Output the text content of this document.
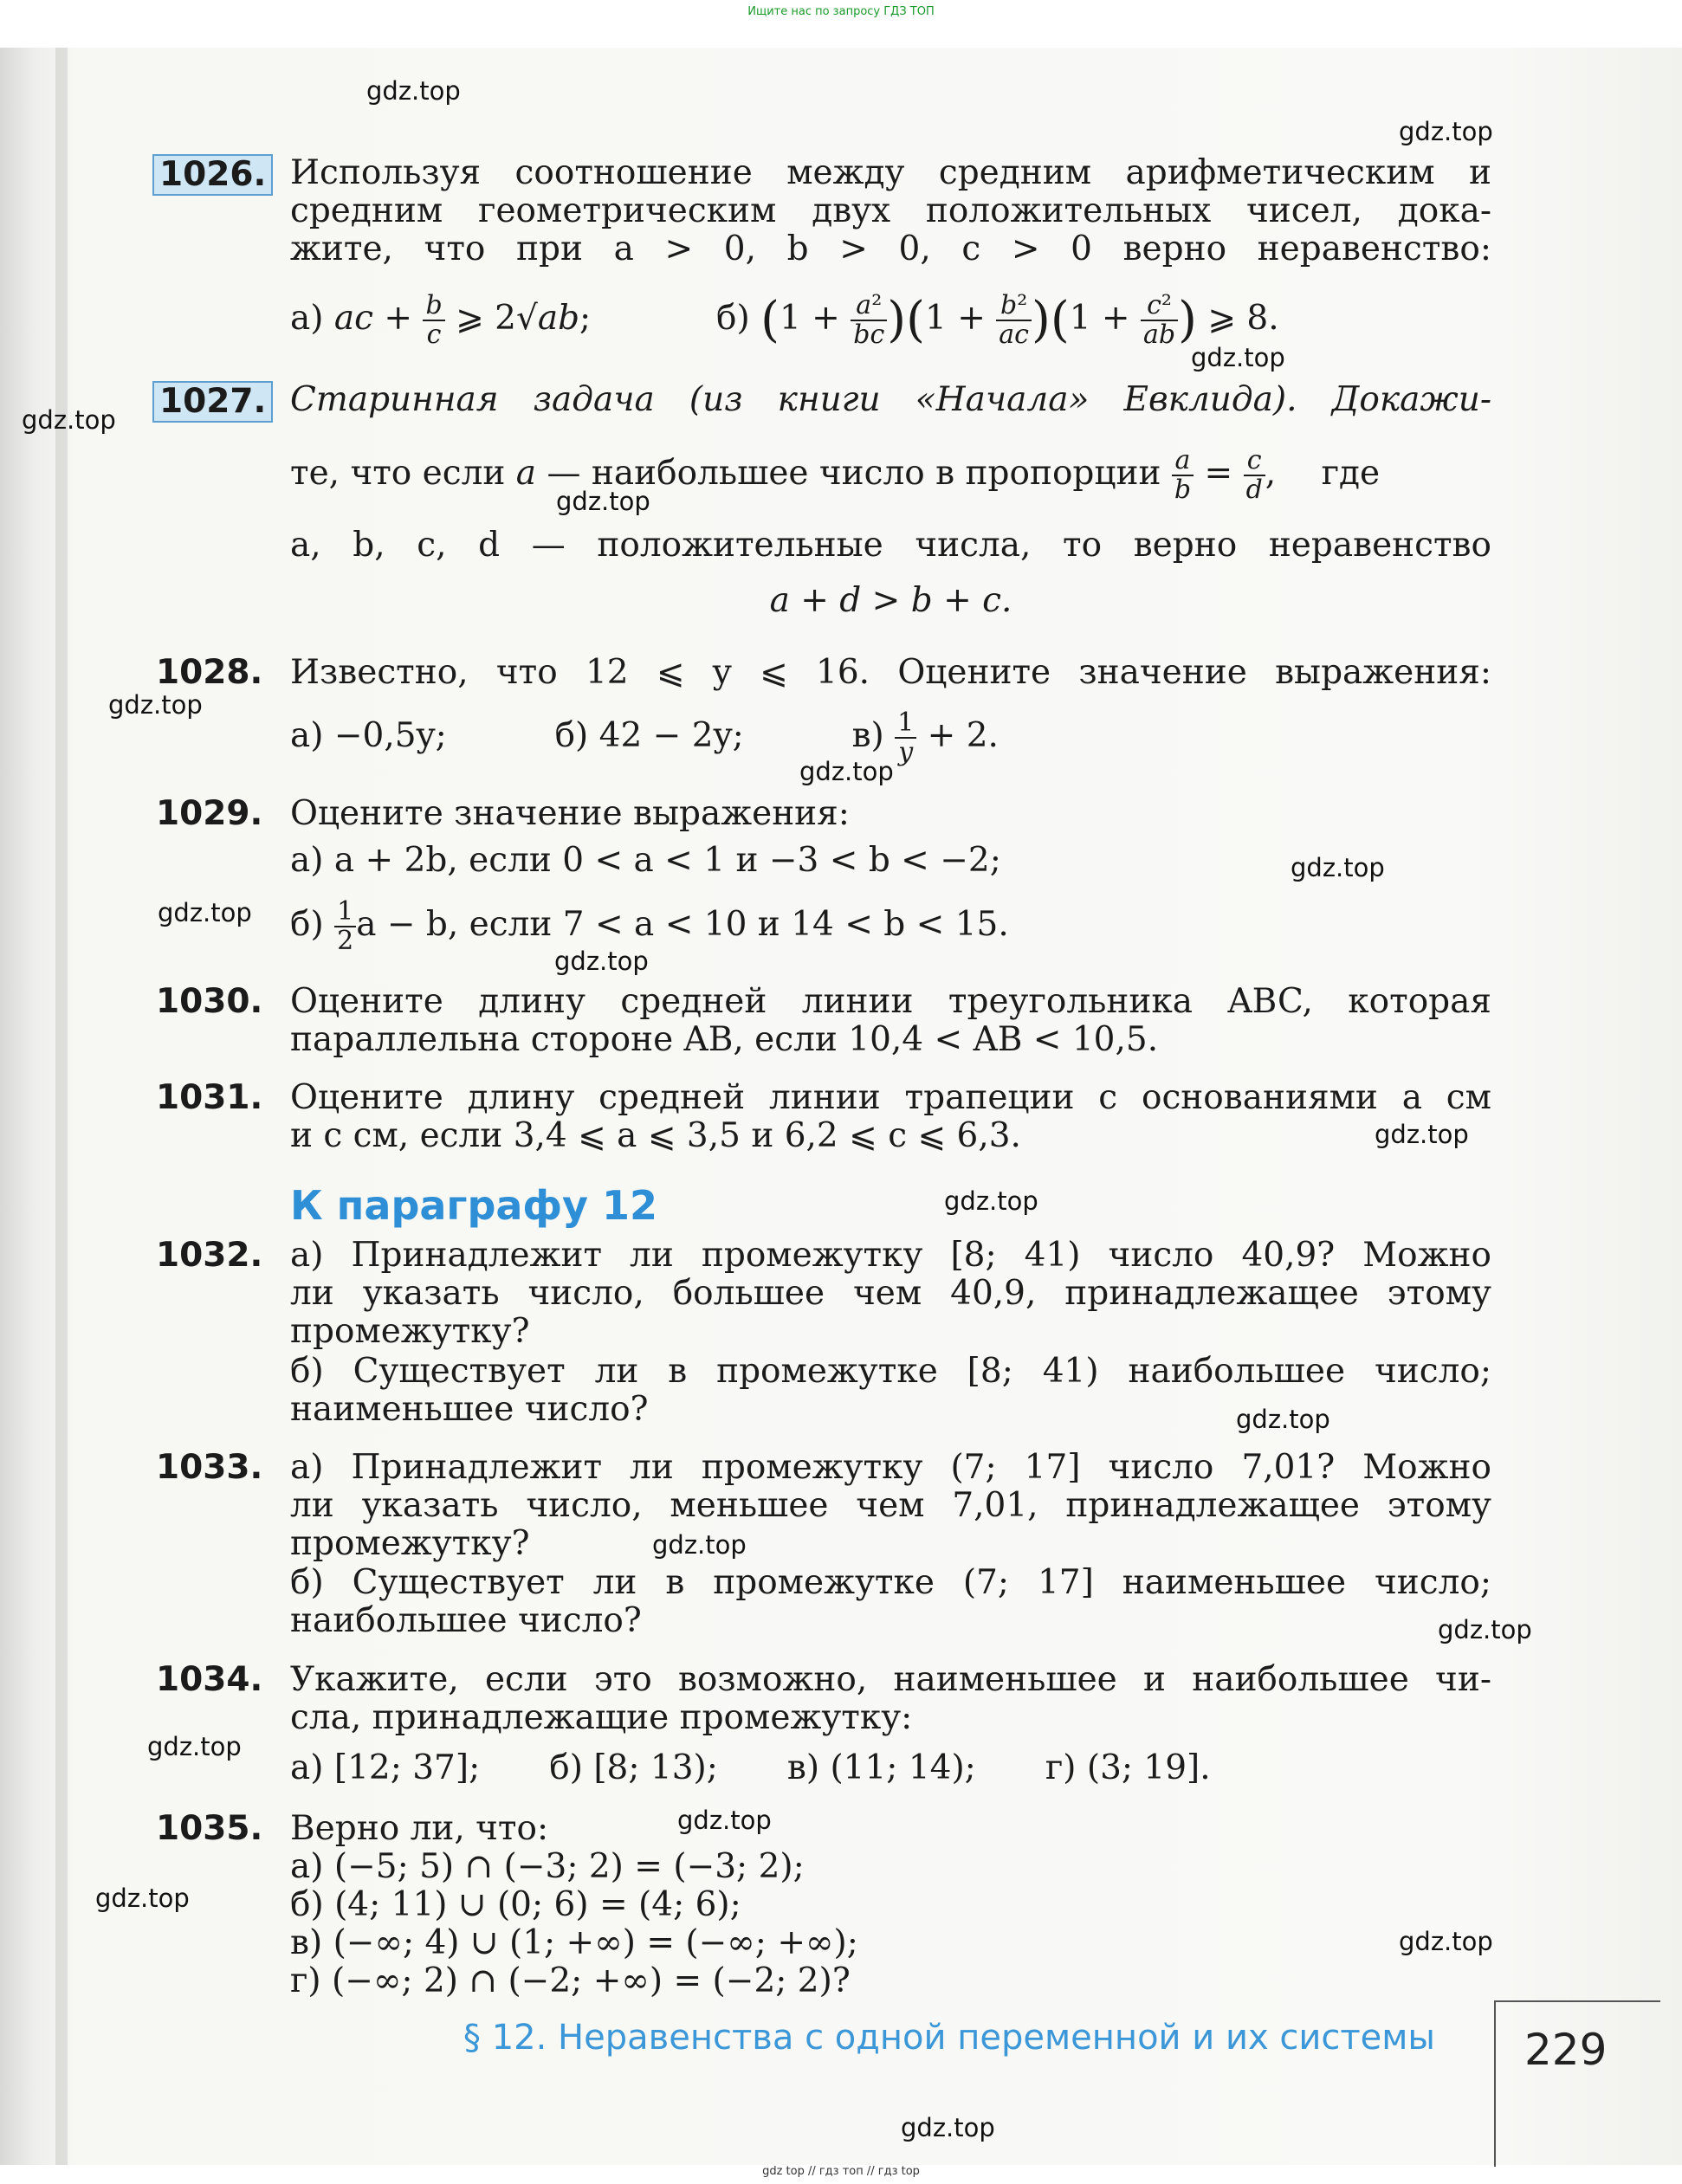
Ищите нас по запросу ГДЗ ТОП
gdz.top
gdz.top
gdz.top
gdz.top
gdz.top
gdz.top
gdz.top
gdz.top
gdz.top
gdz.top
gdz.top
gdz.top
gdz.top
gdz.top
gdz.top
gdz.top
gdz.top
gdz.top
gdz.top
gdz.top
1026. Используя соотношение между средним арифметическим и
средним геометрическим двух положительных чисел, дока-
жите, что при a > 0, b > 0, c > 0 верно неравенство:
а) ac + $\frac{b}{c}$ ⩾ 2√ab;	б) $(1 + \frac{\text{a²}}{bc} )(1 + \frac{\text{b²}}{ac} )(1 + \frac{\text{c²}}{ab}$ ) ⩾ 8.
1027. Старинная задача (из книги «Начала» Евклида). Докажи-
те, что если a — наибольшее число в пропорции $\frac{a}{b} = \frac{c}{d}$ , где
a, b, c, d — положительные числа, то верно неравенство
a + d > b + c.
1028. Известно, что 12 ⩽ y ⩽ 16. Оцените значение выражения:
а) −0,5y;	б) 42 − 2y;	$в) \frac{1}{y} + 2$.
1029. Оцените значение выражения:
а) a + 2b, если 0 < a < 1 и −3 < b < −2;
$б) \frac{1}{2}$ a − b, если 7 < a < 10 и 14 < b < 15.
1030. Оцените длину средней линии треугольника ABC, которая
параллельна стороне AB, если 10,4 < AB < 10,5.
1031. Оцените длину средней линии трапеции с основаниями a см
и c см, если 3,4 ⩽ a ⩽ 3,5 и 6,2 ⩽ c ⩽ 6,3.
К параграфу 12
1032. а) Принадлежит ли промежутку [8; 41) число 40,9? Можно
ли указать число, большее чем 40,9, принадлежащее этому
промежутку?
б) Существует ли в промежутке [8; 41) наибольшее число;
наименьшее число?
1033. а) Принадлежит ли промежутку (7; 17] число 7,01? Можно
ли указать число, меньшее чем 7,01, принадлежащее этому
промежутку?
б) Существует ли в промежутке (7; 17] наименьшее число;
наибольшее число?
1034. Укажите, если это возможно, наименьшее и наибольшее чи-
сла, принадлежащие промежутку:
а) [12; 37]; б) [8; 13); в) (11; 14); г) (3; 19].
1035. Верно ли, что:
а) (−5; 5) ∩ (−3; 2) = (−3; 2);
б) (4; 11) ∪ (0; 6) = (4; 6);
в) (−∞; 4) ∪ (1; +∞) = (−∞; +∞);
г) (−∞; 2) ∩ (−2; +∞) = (−2; 2)?
§ 12. Неравенства с одной переменной и их системы 229
gdz top // гдз топ // гдз top
